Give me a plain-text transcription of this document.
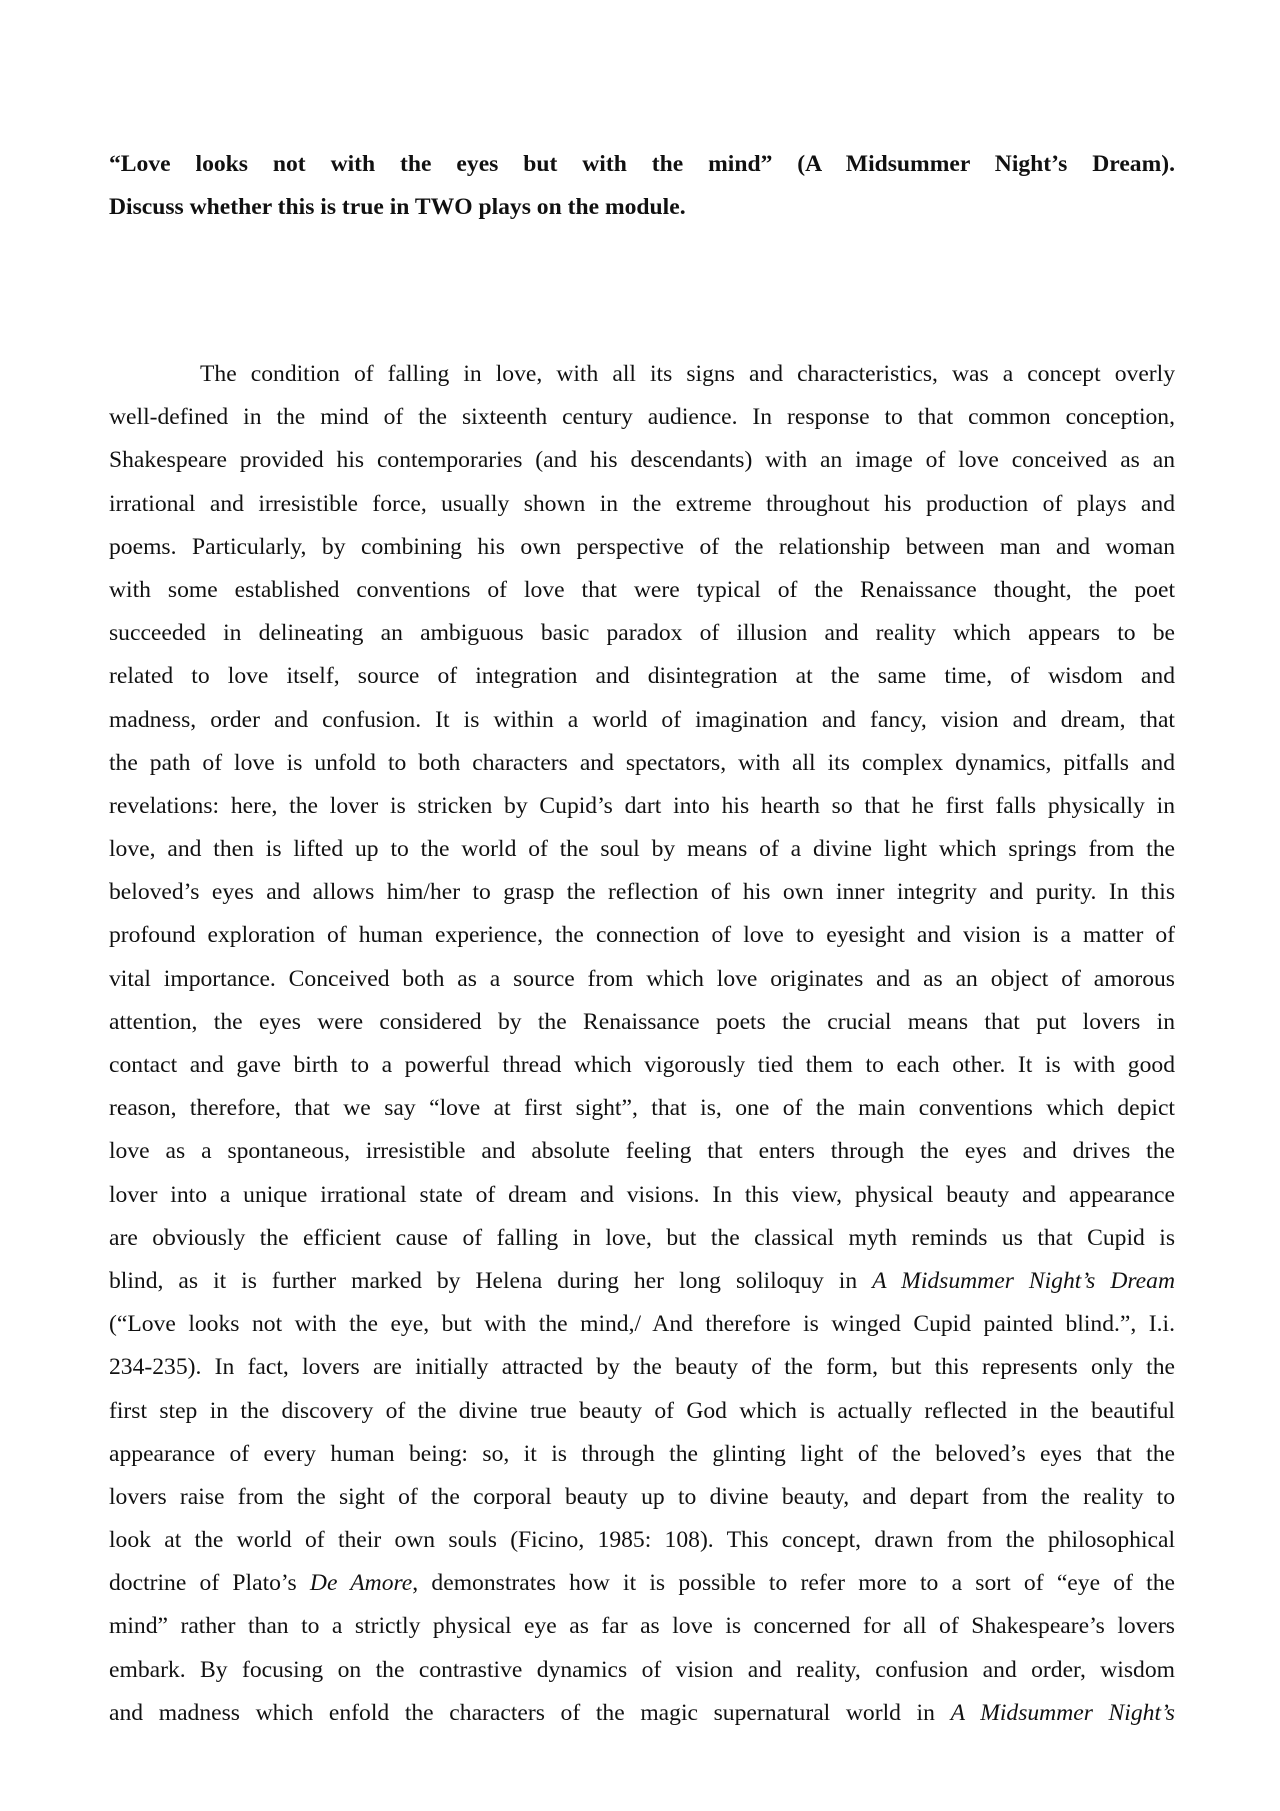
“Love looks not with the eyes but with the mind” (A Midsummer Night’s Dream).
Discuss whether this is true in TWO plays on the module.
The condition of falling in love, with all its signs and characteristics, was a concept overly
well-defined in the mind of the sixteenth century audience. In response to that common conception,
Shakespeare provided his contemporaries (and his descendants) with an image of love conceived as an
irrational and irresistible force, usually shown in the extreme throughout his production of plays and
poems. Particularly, by combining his own perspective of the relationship between man and woman
with some established conventions of love that were typical of the Renaissance thought, the poet
succeeded in delineating an ambiguous basic paradox of illusion and reality which appears to be
related to love itself, source of integration and disintegration at the same time, of wisdom and
madness, order and confusion. It is within a world of imagination and fancy, vision and dream, that
the path of love is unfold to both characters and spectators, with all its complex dynamics, pitfalls and
revelations: here, the lover is stricken by Cupid’s dart into his hearth so that he first falls physically in
love, and then is lifted up to the world of the soul by means of a divine light which springs from the
beloved’s eyes and allows him/her to grasp the reflection of his own inner integrity and purity. In this
profound exploration of human experience, the connection of love to eyesight and vision is a matter of
vital importance. Conceived both as a source from which love originates and as an object of amorous
attention, the eyes were considered by the Renaissance poets the crucial means that put lovers in
contact and gave birth to a powerful thread which vigorously tied them to each other. It is with good
reason, therefore, that we say “love at first sight”, that is, one of the main conventions which depict
love as a spontaneous, irresistible and absolute feeling that enters through the eyes and drives the
lover into a unique irrational state of dream and visions. In this view, physical beauty and appearance
are obviously the efficient cause of falling in love, but the classical myth reminds us that Cupid is
blind, as it is further marked by Helena during her long soliloquy in A Midsummer Night’s Dream
(“Love looks not with the eye, but with the mind,/ And therefore is winged Cupid painted blind.”, I.i.
234-235). In fact, lovers are initially attracted by the beauty of the form, but this represents only the
first step in the discovery of the divine true beauty of God which is actually reflected in the beautiful
appearance of every human being: so, it is through the glinting light of the beloved’s eyes that the
lovers raise from the sight of the corporal beauty up to divine beauty, and depart from the reality to
look at the world of their own souls (Ficino, 1985: 108). This concept, drawn from the philosophical
doctrine of Plato’s De Amore, demonstrates how it is possible to refer more to a sort of “eye of the
mind” rather than to a strictly physical eye as far as love is concerned for all of Shakespeare’s lovers
embark. By focusing on the contrastive dynamics of vision and reality, confusion and order, wisdom
and madness which enfold the characters of the magic supernatural world in A Midsummer Night’s
